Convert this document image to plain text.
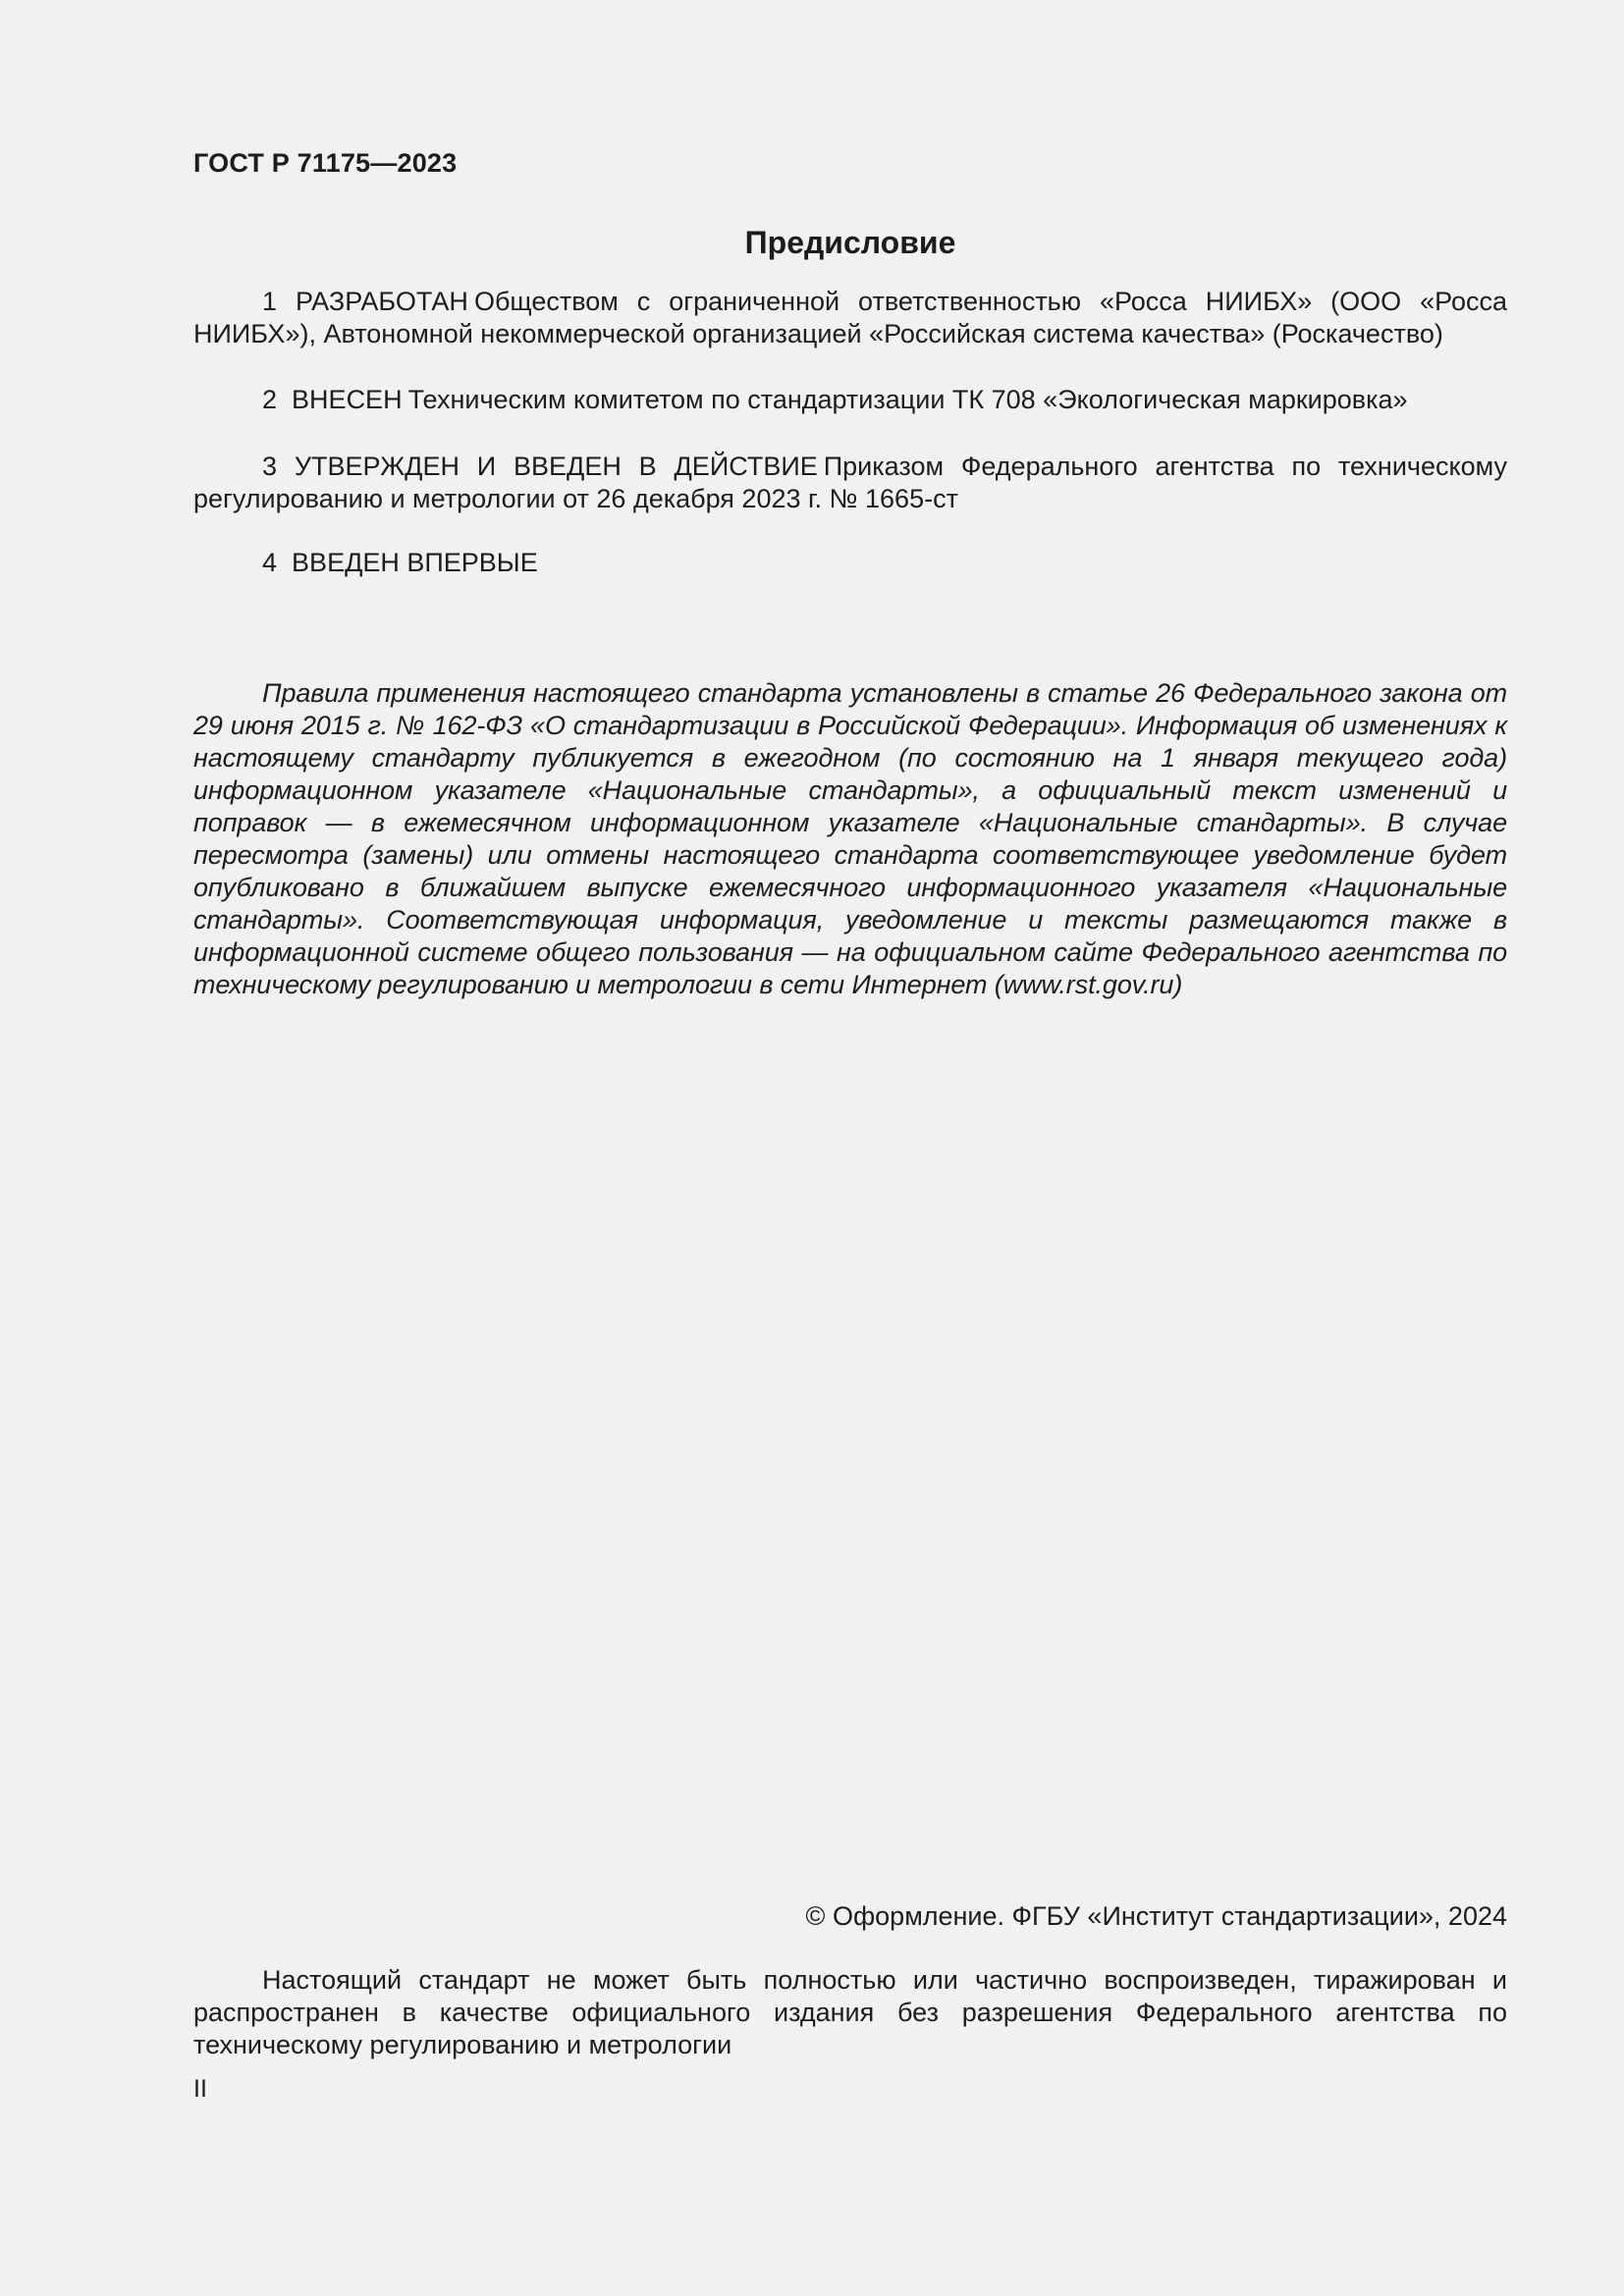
ГОСТ Р 71175—2023
Предисловие

1 РАЗРАБОТАН Обществом с ограниченной ответственностью «Росса НИИБХ» (ООО «Росса НИИБХ»), Автономной некоммерческой организацией «Российская система качества» (Роскачество)

2 ВНЕСЕН Техническим комитетом по стандартизации ТК 708 «Экологическая маркировка»

3 УТВЕРЖДЕН И ВВЕДЕН В ДЕЙСТВИЕ Приказом Федерального агентства по техническому регулированию и метрологии от 26 декабря 2023 г. № 1665-ст

4 ВВЕДЕН ВПЕРВЫЕ

Правила применения настоящего стандарта установлены в статье 26 Федерального закона от 29 июня 2015 г. № 162-ФЗ «О стандартизации в Российской Федерации». Информация об изменениях к настоящему стандарту публикуется в ежегодном (по состоянию на 1 января текущего года) информационном указателе «Национальные стандарты», а официальный текст изменений и поправок — в ежемесячном информационном указателе «Национальные стандарты». В случае пересмотра (замены) или отмены настоящего стандарта соответствующее уведомление будет опубликовано в ближайшем выпуске ежемесячного информационного указателя «Национальные стандарты». Соответствующая информация, уведомление и тексты размещаются также в информационной системе общего пользования — на официальном сайте Федерального агентства по техническому регулированию и метрологии в сети Интернет (www.rst.gov.ru)

© Оформление. ФГБУ «Институт стандартизации», 2024

Настоящий стандарт не может быть полностью или частично воспроизведен, тиражирован и распространен в качестве официального издания без разрешения Федерального агентства по техническому регулированию и метрологии

II
